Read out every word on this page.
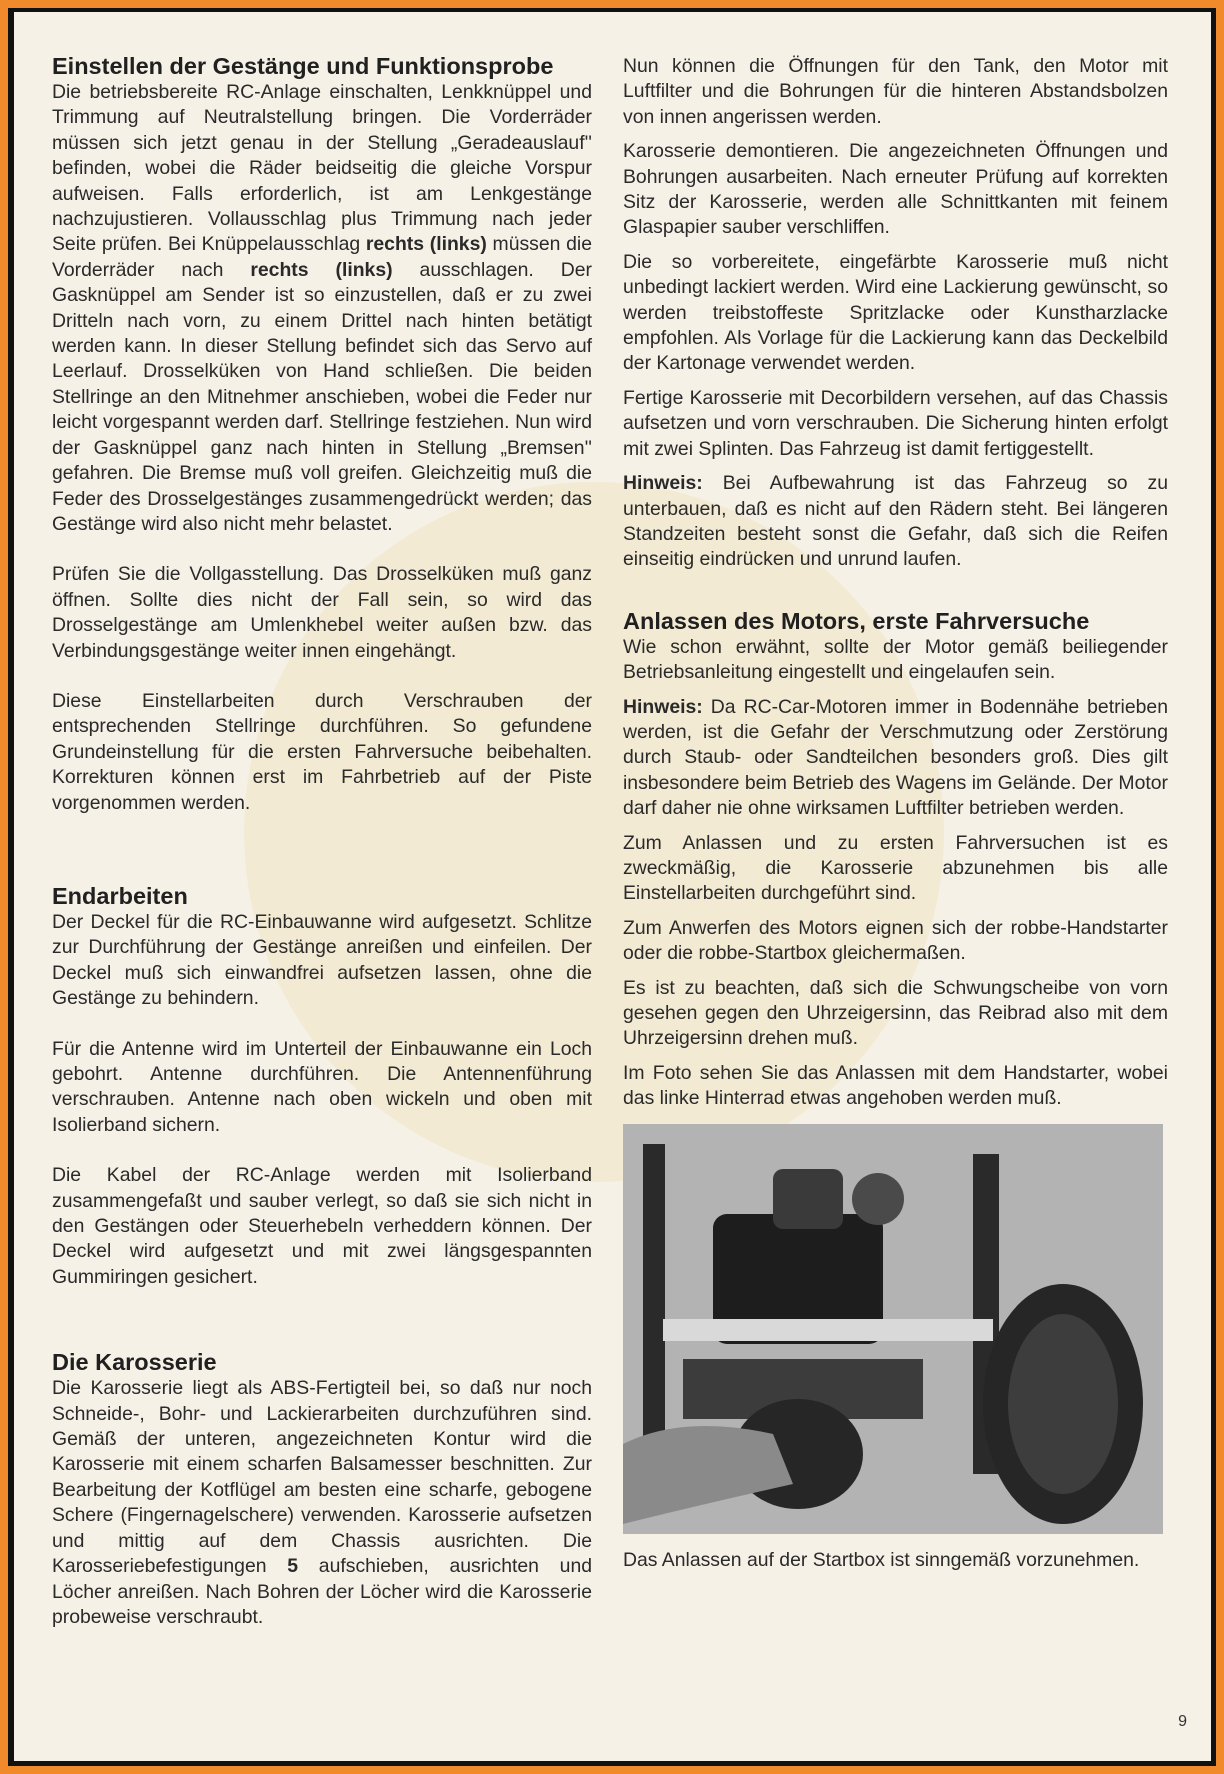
Einstellen der Gestänge und Funktionsprobe

Die betriebsbereite RC-Anlage einschalten, Lenkknüppel und Trimmung auf Neutralstellung bringen. Die Vorderräder müssen sich jetzt genau in der Stellung „Geradeauslauf'' befinden, wobei die Räder beidseitig die gleiche Vorspur aufweisen. Falls erforderlich, ist am Lenkgestänge nachzujustieren. Vollausschlag plus Trimmung nach jeder Seite prüfen. Bei Knüppelausschlag rechts (links) müssen die Vorderräder nach rechts (links) ausschlagen. Der Gasknüppel am Sender ist so einzustellen, daß er zu zwei Dritteln nach vorn, zu einem Drittel nach hinten betätigt werden kann. In dieser Stellung befindet sich das Servo auf Leerlauf. Drosselküken von Hand schließen. Die beiden Stellringe an den Mitnehmer anschieben, wobei die Feder nur leicht vorgespannt werden darf. Stellringe festziehen. Nun wird der Gasknüppel ganz nach hinten in Stellung „Bremsen'' gefahren. Die Bremse muß voll greifen. Gleichzeitig muß die Feder des Drosselgestänges zusammengedrückt werden; das Gestänge wird also nicht mehr belastet.

Prüfen Sie die Vollgasstellung. Das Drosselküken muß ganz öffnen. Sollte dies nicht der Fall sein, so wird das Drosselgestänge am Umlenkhebel weiter außen bzw. das Verbindungsgestänge weiter innen eingehängt.

Diese Einstellarbeiten durch Verschrauben der entsprechenden Stellringe durchführen. So gefundene Grundeinstellung für die ersten Fahrversuche beibehalten. Korrekturen können erst im Fahrbetrieb auf der Piste vorgenommen werden.

Endarbeiten

Der Deckel für die RC-Einbauwanne wird aufgesetzt. Schlitze zur Durchführung der Gestänge anreißen und einfeilen. Der Deckel muß sich einwandfrei aufsetzen lassen, ohne die Gestänge zu behindern.

Für die Antenne wird im Unterteil der Einbauwanne ein Loch gebohrt. Antenne durchführen. Die Antennenführung verschrauben. Antenne nach oben wickeln und oben mit Isolierband sichern.

Die Kabel der RC-Anlage werden mit Isolierband zusammengefaßt und sauber verlegt, so daß sie sich nicht in den Gestängen oder Steuerhebeln verheddern können. Der Deckel wird aufgesetzt und mit zwei längsgespannten Gummiringen gesichert.

Die Karosserie

Die Karosserie liegt als ABS-Fertigteil bei, so daß nur noch Schneide-, Bohr- und Lackierarbeiten durchzuführen sind. Gemäß der unteren, angezeichneten Kontur wird die Karosserie mit einem scharfen Balsamesser beschnitten. Zur Bearbeitung der Kotflügel am besten eine scharfe, gebogene Schere (Fingernagelschere) verwenden. Karosserie aufsetzen und mittig auf dem Chassis ausrichten. Die Karosseriebefestigungen 5 aufschieben, ausrichten und Löcher anreißen. Nach Bohren der Löcher wird die Karosserie probeweise verschraubt.

Nun können die Öffnungen für den Tank, den Motor mit Luftfilter und die Bohrungen für die hinteren Abstandsbolzen von innen angerissen werden.

Karosserie demontieren. Die angezeichneten Öffnungen und Bohrungen ausarbeiten. Nach erneuter Prüfung auf korrekten Sitz der Karosserie, werden alle Schnittkanten mit feinem Glaspapier sauber verschliffen.

Die so vorbereitete, eingefärbte Karosserie muß nicht unbedingt lackiert werden. Wird eine Lackierung gewünscht, so werden treibstoffeste Spritzlacke oder Kunstharzlacke empfohlen. Als Vorlage für die Lackierung kann das Deckelbild der Kartonage verwendet werden.

Fertige Karosserie mit Decorbildern versehen, auf das Chassis aufsetzen und vorn verschrauben. Die Sicherung hinten erfolgt mit zwei Splinten. Das Fahrzeug ist damit fertiggestellt.

Hinweis: Bei Aufbewahrung ist das Fahrzeug so zu unterbauen, daß es nicht auf den Rädern steht. Bei längeren Standzeiten besteht sonst die Gefahr, daß sich die Reifen einseitig eindrücken und unrund laufen.

Anlassen des Motors, erste Fahrversuche

Wie schon erwähnt, sollte der Motor gemäß beiliegender Betriebsanleitung eingestellt und eingelaufen sein.

Hinweis: Da RC-Car-Motoren immer in Bodennähe betrieben werden, ist die Gefahr der Verschmutzung oder Zerstörung durch Staub- oder Sandteilchen besonders groß. Dies gilt insbesondere beim Betrieb des Wagens im Gelände. Der Motor darf daher nie ohne wirksamen Luftfilter betrieben werden.

Zum Anlassen und zu ersten Fahrversuchen ist es zweckmäßig, die Karosserie abzunehmen bis alle Einstellarbeiten durchgeführt sind.

Zum Anwerfen des Motors eignen sich der robbe-Handstarter oder die robbe-Startbox gleichermaßen.

Es ist zu beachten, daß sich die Schwungscheibe von vorn gesehen gegen den Uhrzeigersinn, das Reibrad also mit dem Uhrzeigersinn drehen muß.

Im Foto sehen Sie das Anlassen mit dem Handstarter, wobei das linke Hinterrad etwas angehoben werden muß.

Das Anlassen auf der Startbox ist sinngemäß vorzunehmen.

9
